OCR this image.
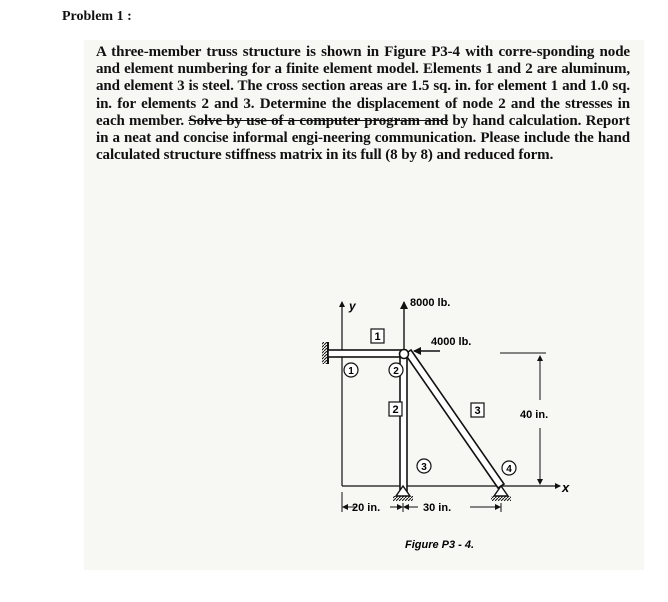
Problem 1 :
A three-member truss structure is shown in Figure P3-4 with corre-sponding node and element numbering for a finite element model. Elements 1 and 2 are aluminum, and element 3 is steel. The cross section areas are 1.5 sq. in. for element 1 and 1.0 sq. in. for elements 2 and 3. Determine the displacement of node 2 and the stresses in each member. Solve by use of a computer program and by hand calculation. Report in a neat and concise informal engi-neering communication. Please include the hand calculated structure stiffness matrix in its full (8 by 8) and reduced form.
y
x
8000 lb.
4000 lb.
1
2	3
1	2
3	4
40 in.
20 in.	30 in.
Figure P3 - 4.
